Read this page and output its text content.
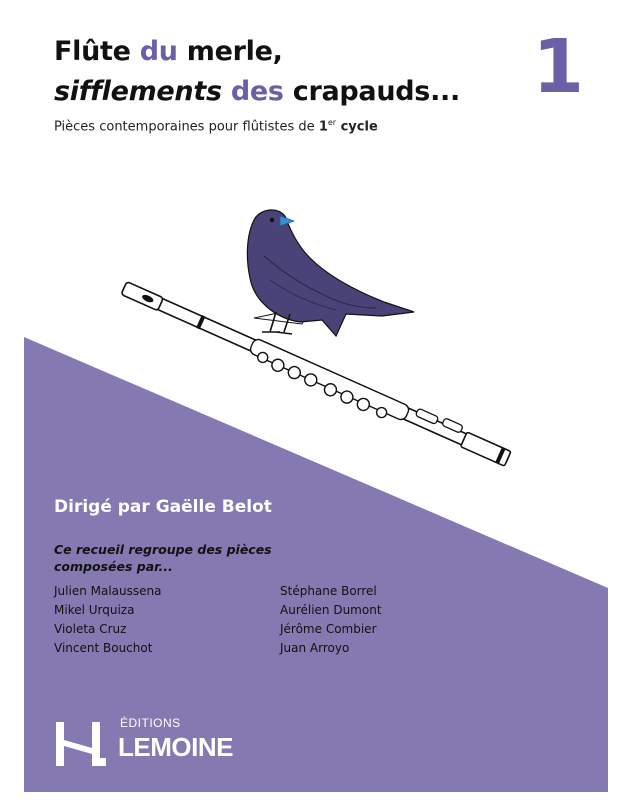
Flûte du merle,
sifflements des crapauds... 1

Pièces contemporaines pour flûtistes de 1er cycle

Dirigé par Gaëlle Belot

Ce recueil regroupe des pièces
composées par...

Julien Malaussena
Mikel Urquiza
Violeta Cruz
Vincent Bouchot
Stéphane Borrel
Aurélien Dumont
Jérôme Combier
Juan Arroyo
ÉDITIONS
LEMOINE
